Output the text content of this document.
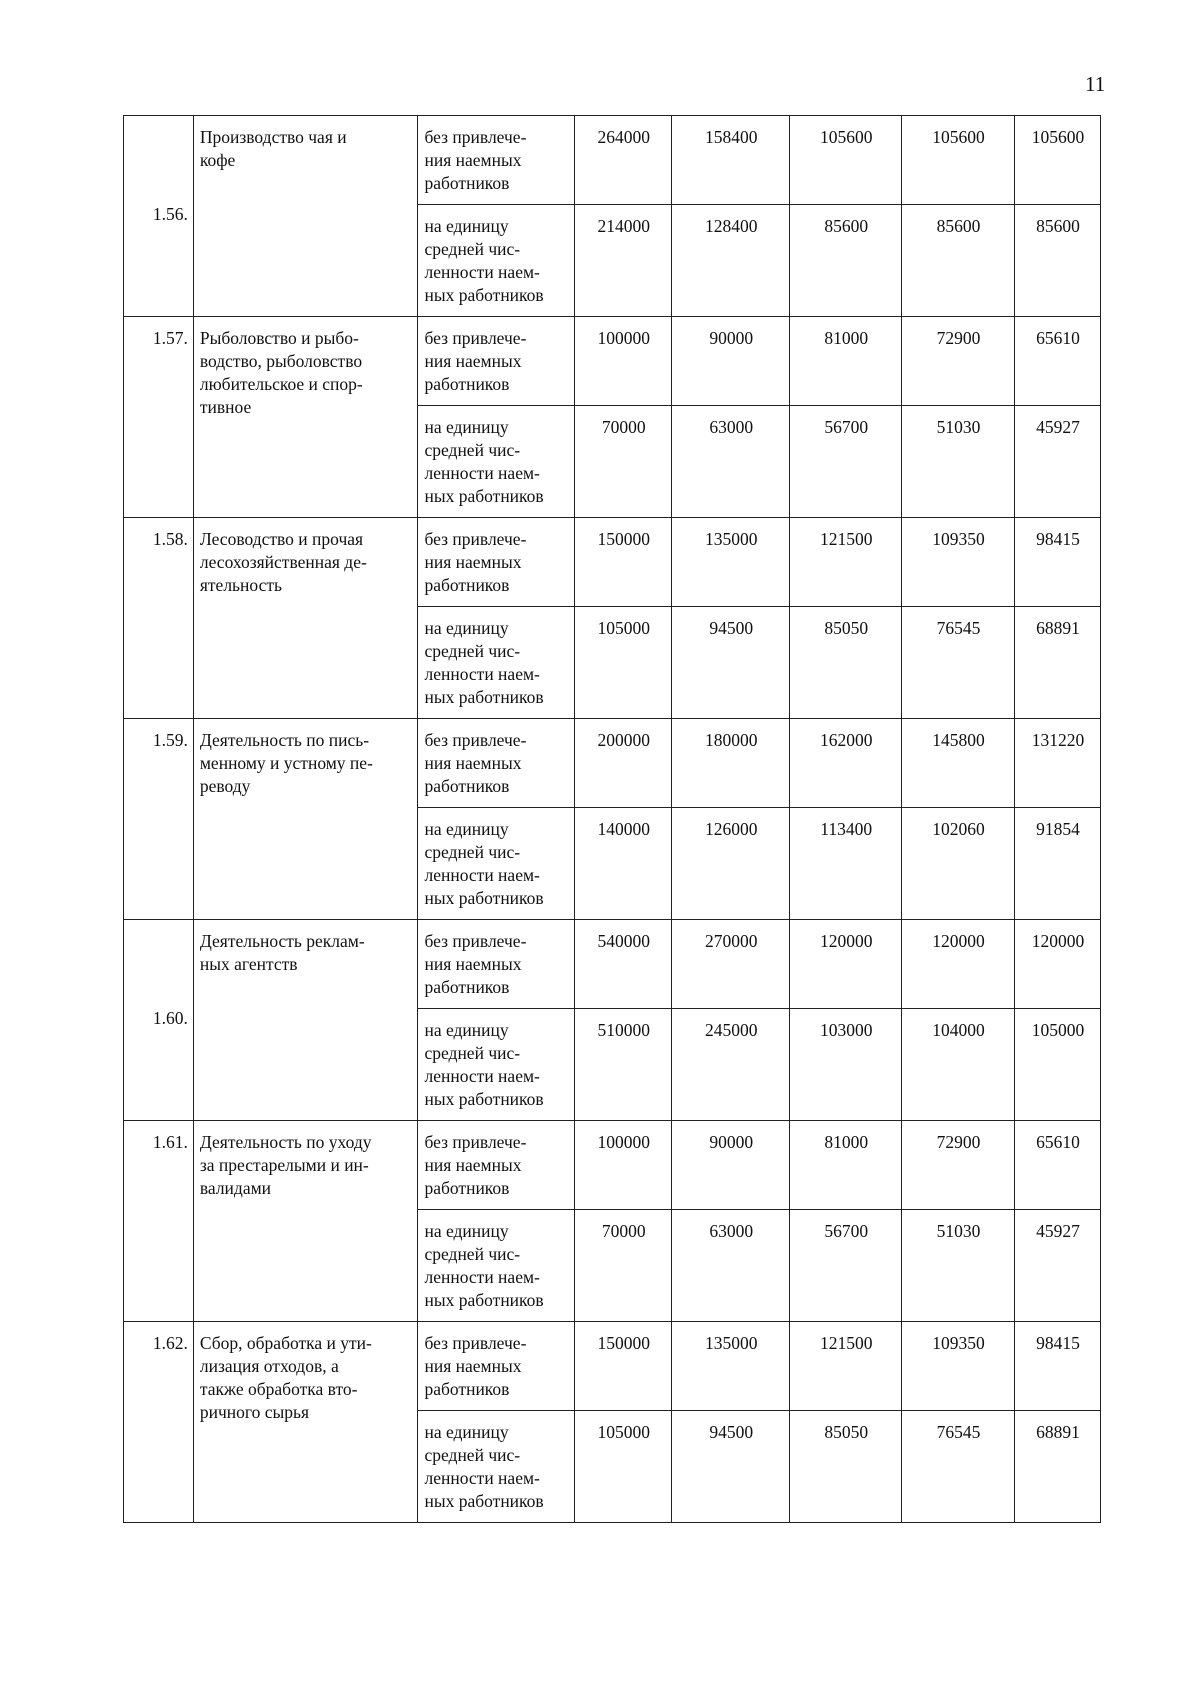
11
1.56.	Производство чая и
кофе	без привлече-
ния наемных
работников	264000	158400	105600	105600	105600
		на единицу
средней чис-
ленности наем-
ных работников	214000	128400	85600	85600	85600
1.57.	Рыболовство и рыбо-
водство, рыболовство
любительское и спор-
тивное	без привлече-
ния наемных
работников	100000	90000	81000	72900	65610
		на единицу
средней чис-
ленности наем-
ных работников	70000	63000	56700	51030	45927
1.58.	Лесоводство и прочая
лесохозяйственная де-
ятельность	без привлече-
ния наемных
работников	150000	135000	121500	109350	98415
		на единицу
средней чис-
ленности наем-
ных работников	105000	94500	85050	76545	68891
1.59.	Деятельность по пись-
менному и устному пе-
реводу	без привлече-
ния наемных
работников	200000	180000	162000	145800	131220
		на единицу
средней чис-
ленности наем-
ных работников	140000	126000	113400	102060	91854
1.60.	Деятельность реклам-
ных агентств	без привлече-
ния наемных
работников	540000	270000	120000	120000	120000
		на единицу
средней чис-
ленности наем-
ных работников	510000	245000	103000	104000	105000
1.61.	Деятельность по уходу
за престарелыми и ин-
валидами	без привлече-
ния наемных
работников	100000	90000	81000	72900	65610
		на единицу
средней чис-
ленности наем-
ных работников	70000	63000	56700	51030	45927
1.62.	Сбор, обработка и ути-
лизация отходов, а
также обработка вто-
ричного сырья	без привлече-
ния наемных
работников	150000	135000	121500	109350	98415
		на единицу
средней чис-
ленности наем-
ных работников	105000	94500	85050	76545	68891
